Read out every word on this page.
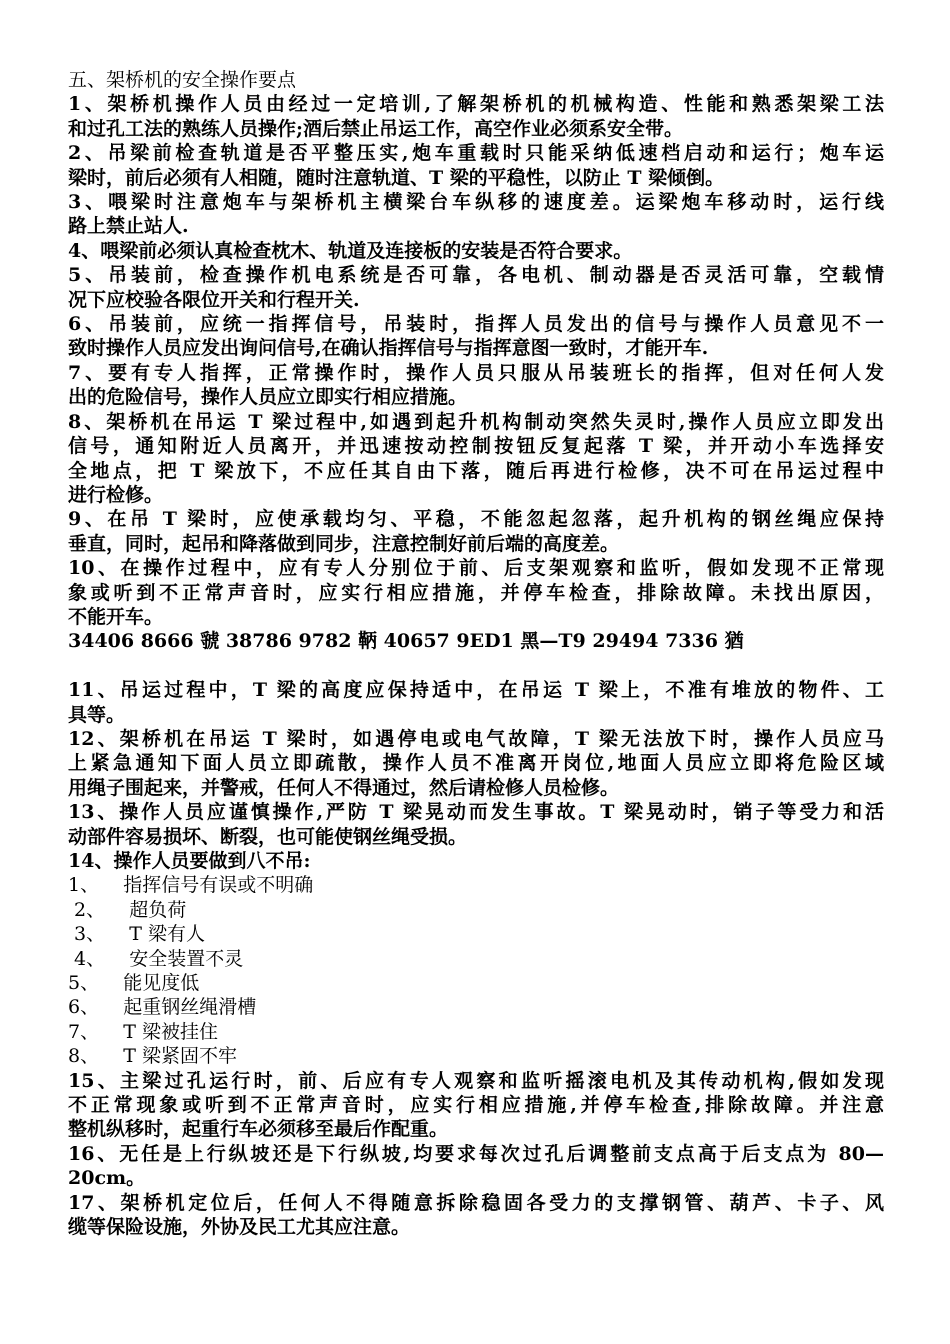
五、架桥机的安全操作要点
1、架桥机操作人员由经过一定培训,了解架桥机的机械构造、性能和熟悉架梁工法
和过孔工法的熟练人员操作;酒后禁止吊运工作，高空作业必须系安全带。
2、吊梁前检查轨道是否平整压实,炮车重载时只能采纳低速档启动和运行；炮车运
梁时，前后必须有人相随，随时注意轨道、T 梁的平稳性，以防止 T 梁倾倒。
3、喂梁时注意炮车与架桥机主横梁台车纵移的速度差。运梁炮车移动时，运行线
路上禁止站人.
4、喂梁前必须认真检查枕木、轨道及连接板的安装是否符合要求。
5、吊装前，检查操作机电系统是否可靠，各电机、制动器是否灵活可靠，空载情
况下应校验各限位开关和行程开关.
6、吊装前，应统一指挥信号，吊装时，指挥人员发出的信号与操作人员意见不一
致时操作人员应发出询问信号,在确认指挥信号与指挥意图一致时，才能开车.
7、要有专人指挥，正常操作时，操作人员只服从吊装班长的指挥，但对任何人发
出的危险信号，操作人员应立即实行相应措施。
8、架桥机在吊运 T 梁过程中,如遇到起升机构制动突然失灵时,操作人员应立即发出
信号，通知附近人员离开，并迅速按动控制按钮反复起落 T 梁，并开动小车选择安
全地点，把 T 梁放下，不应任其自由下落，随后再进行检修，决不可在吊运过程中
进行检修。
9、在吊 T 梁时，应使承载均匀、平稳，不能忽起忽落，起升机构的钢丝绳应保持
垂直，同时，起吊和降落做到同步，注意控制好前后端的高度差。
10、在操作过程中，应有专人分别位于前、后支架观察和监听，假如发现不正常现
象或听到不正常声音时，应实行相应措施，并停车检查，排除故障。未找出原因，
不能开车。
34406 8666 虢 38786 9782 鞆 40657 9ED1 黑—T9 29494 7336 猶
11、吊运过程中，T 梁的高度应保持适中，在吊运 T 梁上，不准有堆放的物件、工
具等。
12、架桥机在吊运 T 梁时，如遇停电或电气故障，T 梁无法放下时，操作人员应马
上紧急通知下面人员立即疏散，操作人员不准离开岗位,地面人员应立即将危险区域
用绳子围起来，并警戒，任何人不得通过，然后请检修人员检修。
13、操作人员应谨慎操作,严防 T 梁晃动而发生事故。T 梁晃动时，销子等受力和活
动部件容易损坏、断裂，也可能使钢丝绳受损。
14、操作人员要做到八不吊:
1、    指挥信号有误或不明确
2、    超负荷
3、    T 梁有人
4、    安全装置不灵
5、    能见度低
6、    起重钢丝绳滑槽
7、    T 梁被挂住
8、    T 梁紧固不牢
15、主梁过孔运行时，前、后应有专人观察和监听摇滚电机及其传动机构,假如发现
不正常现象或听到不正常声音时，应实行相应措施,并停车检查,排除故障。并注意
整机纵移时，起重行车必须移至最后作配重。
16、无任是上行纵坡还是下行纵坡,均要求每次过孔后调整前支点高于后支点为 80—
20cm。
17、架桥机定位后，任何人不得随意拆除稳固各受力的支撑钢管、葫芦、卡子、风
缆等保险设施，外协及民工尤其应注意。
